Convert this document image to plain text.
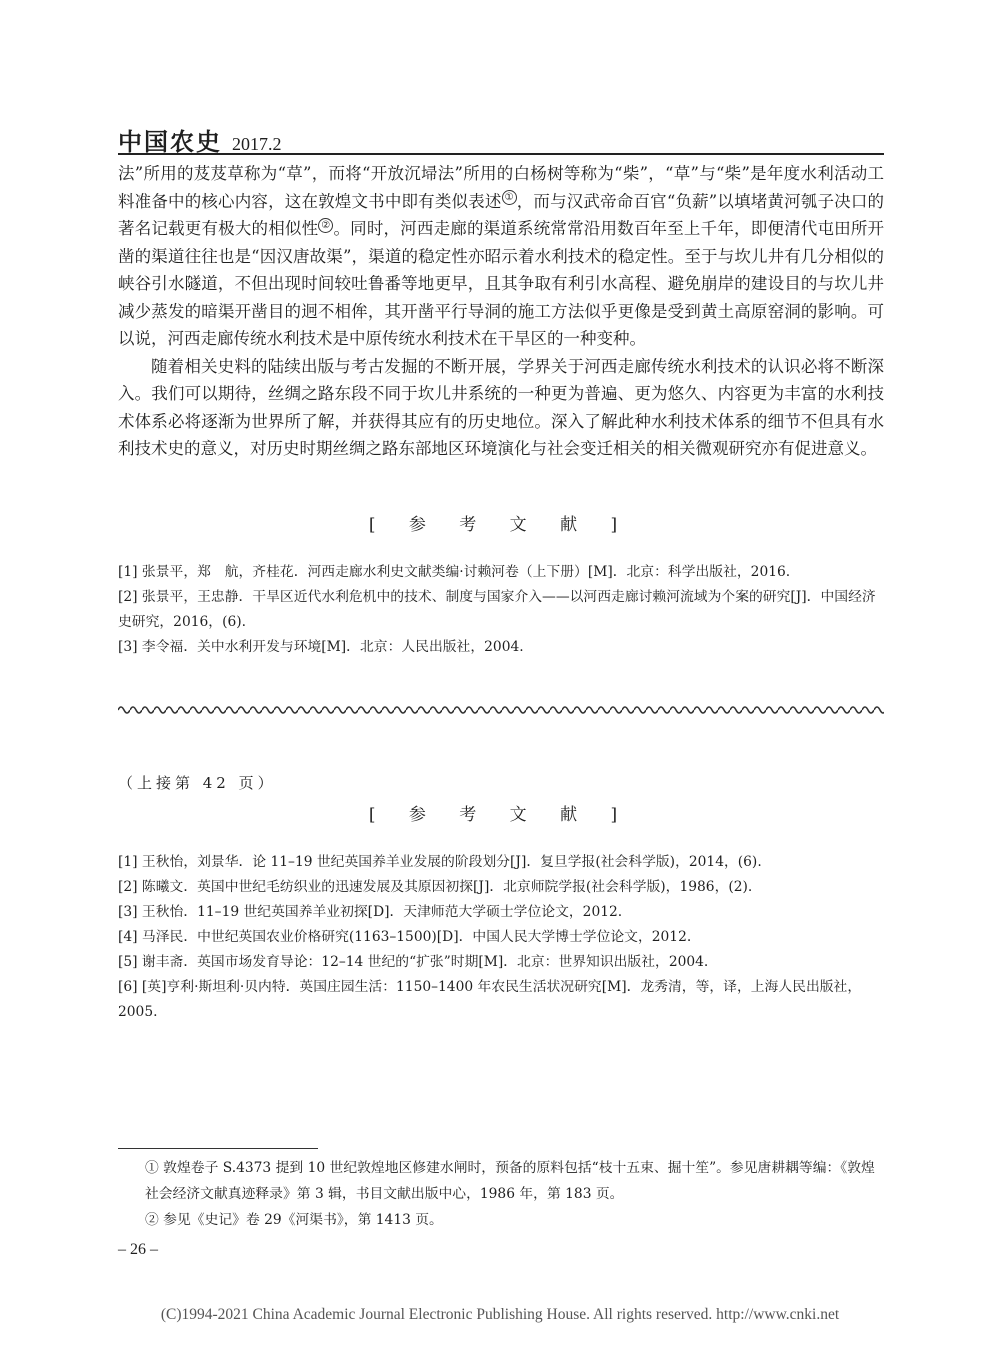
中国农史 2017.2

法”所用的芨芨草称为“草”，而将“开放沉埽法”所用的白杨树等称为“柴”，“草”与“柴”是年度水利活动工料准备中的核心内容，这在敦煌文书中即有类似表述 ① ，而与汉武帝命百官“负薪”以填堵黄河瓠子决口的著名记载更有极大的相似性 ② 。同时，河西走廊的渠道系统常常沿用数百年至上千年，即便清代屯田所开凿的渠道往往也是“因汉唐故渠”，渠道的稳定性亦昭示着水利技术的稳定性。至于与坎儿井有几分相似的峡谷引水隧道，不但出现时间较吐鲁番等地更早，且其争取有利引水高程、避免崩岸的建设目的与坎儿井减少蒸发的暗渠开凿目的迥不相侔，其开凿平行导洞的施工方法似乎更像是受到黄土高原窑洞的影响。可以说，河西走廊传统水利技术是中原传统水利技术在干旱区的一种变种。

随着相关史料的陆续出版与考古发掘的不断开展，学界关于河西走廊传统水利技术的认识必将不断深入。我们可以期待，丝绸之路东段不同于坎儿井系统的一种更为普遍、更为悠久、内容更为丰富的水利技术体系必将逐渐为世界所了解，并获得其应有的历史地位。深入了解此种水利技术体系的细节不但具有水利技术史的意义，对历史时期丝绸之路东部地区环境演化与社会变迁相关的相关微观研究亦有促进意义。

[ 参 考 文 献 ]
[1] 张景平，郑　航，齐桂花．河西走廊水利史文献类编·讨赖河卷（上下册）[M]．北京：科学出版社，2016.
[2] 张景平，王忠静．干旱区近代水利危机中的技术、制度与国家介入——以河西走廊讨赖河流域为个案的研究[J]．中国经济史研究，2016，(6).
[3] 李令福．关中水利开发与环境[M]．北京：人民出版社，2004.
（上接第 42 页）
[ 参 考 文 献 ]
[1] 王秋怡，刘景华．论 11–19 世纪英国养羊业发展的阶段划分[J]．复旦学报(社会科学版)，2014，(6).
[2] 陈曦文．英国中世纪毛纺织业的迅速发展及其原因初探[J]．北京师院学报(社会科学版)，1986，(2).
[3] 王秋怡．11–19 世纪英国养羊业初探[D]．天津师范大学硕士学位论文，2012.
[4] 马泽民．中世纪英国农业价格研究(1163–1500)[D]．中国人民大学博士学位论文，2012.
[5] 谢丰斋．英国市场发育导论：12–14 世纪的“扩张”时期[M]．北京：世界知识出版社，2004.
[6] [英]亨利·斯坦利·贝内特．英国庄园生活：1150–1400 年农民生活状况研究[M]．龙秀清，等，译，上海人民出版社，2005.
① 敦煌卷子 S.4373 提到 10 世纪敦煌地区修建水闸时，预备的原料包括“枝十五束、掘十笙”。参见唐耕耦等编：《敦煌社会经济文献真迹释录》第 3 辑，书目文献出版中心，1986 年，第 183 页。
② 参见《史记》卷 29《河渠书》，第 1413 页。
– 26 –
(C)1994-2021 China Academic Journal Electronic Publishing House. All rights reserved. http://www.cnki.net
